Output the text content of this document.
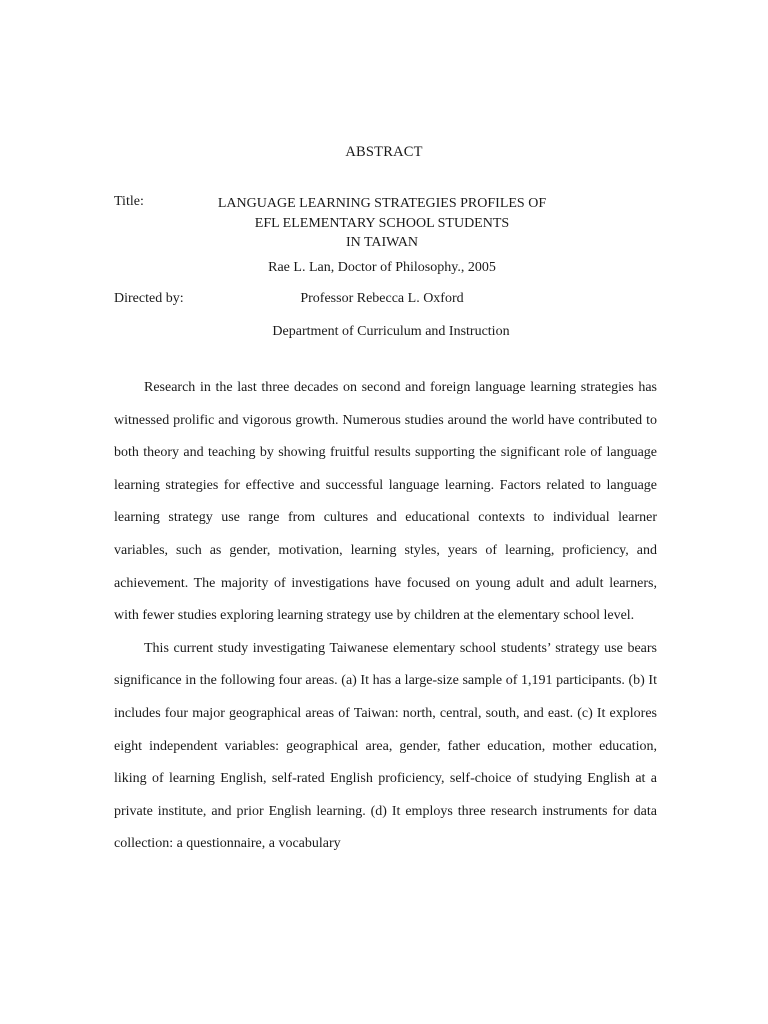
ABSTRACT
Title:	LANGUAGE LEARNING STRATEGIES PROFILES OF
EFL ELEMENTARY SCHOOL STUDENTS
IN TAIWAN
Rae L. Lan, Doctor of Philosophy., 2005
Directed by:	Professor Rebecca L. Oxford
Department of Curriculum and Instruction

Research in the last three decades on second and foreign language learning strategies has witnessed prolific and vigorous growth. Numerous studies around the world have contributed to both theory and teaching by showing fruitful results supporting the significant role of language learning strategies for effective and successful language learning. Factors related to language learning strategy use range from cultures and educational contexts to individual learner variables, such as gender, motivation, learning styles, years of learning, proficiency, and achievement. The majority of investigations have focused on young adult and adult learners, with fewer studies exploring learning strategy use by children at the elementary school level.

This current study investigating Taiwanese elementary school students’ strategy use bears significance in the following four areas. (a) It has a large-size sample of 1,191 participants. (b) It includes four major geographical areas of Taiwan: north, central, south, and east. (c) It explores eight independent variables: geographical area, gender, father education, mother education, liking of learning English, self-rated English proficiency, self-choice of studying English at a private institute, and prior English learning. (d) It employs three research instruments for data collection: a questionnaire, a vocabulary
